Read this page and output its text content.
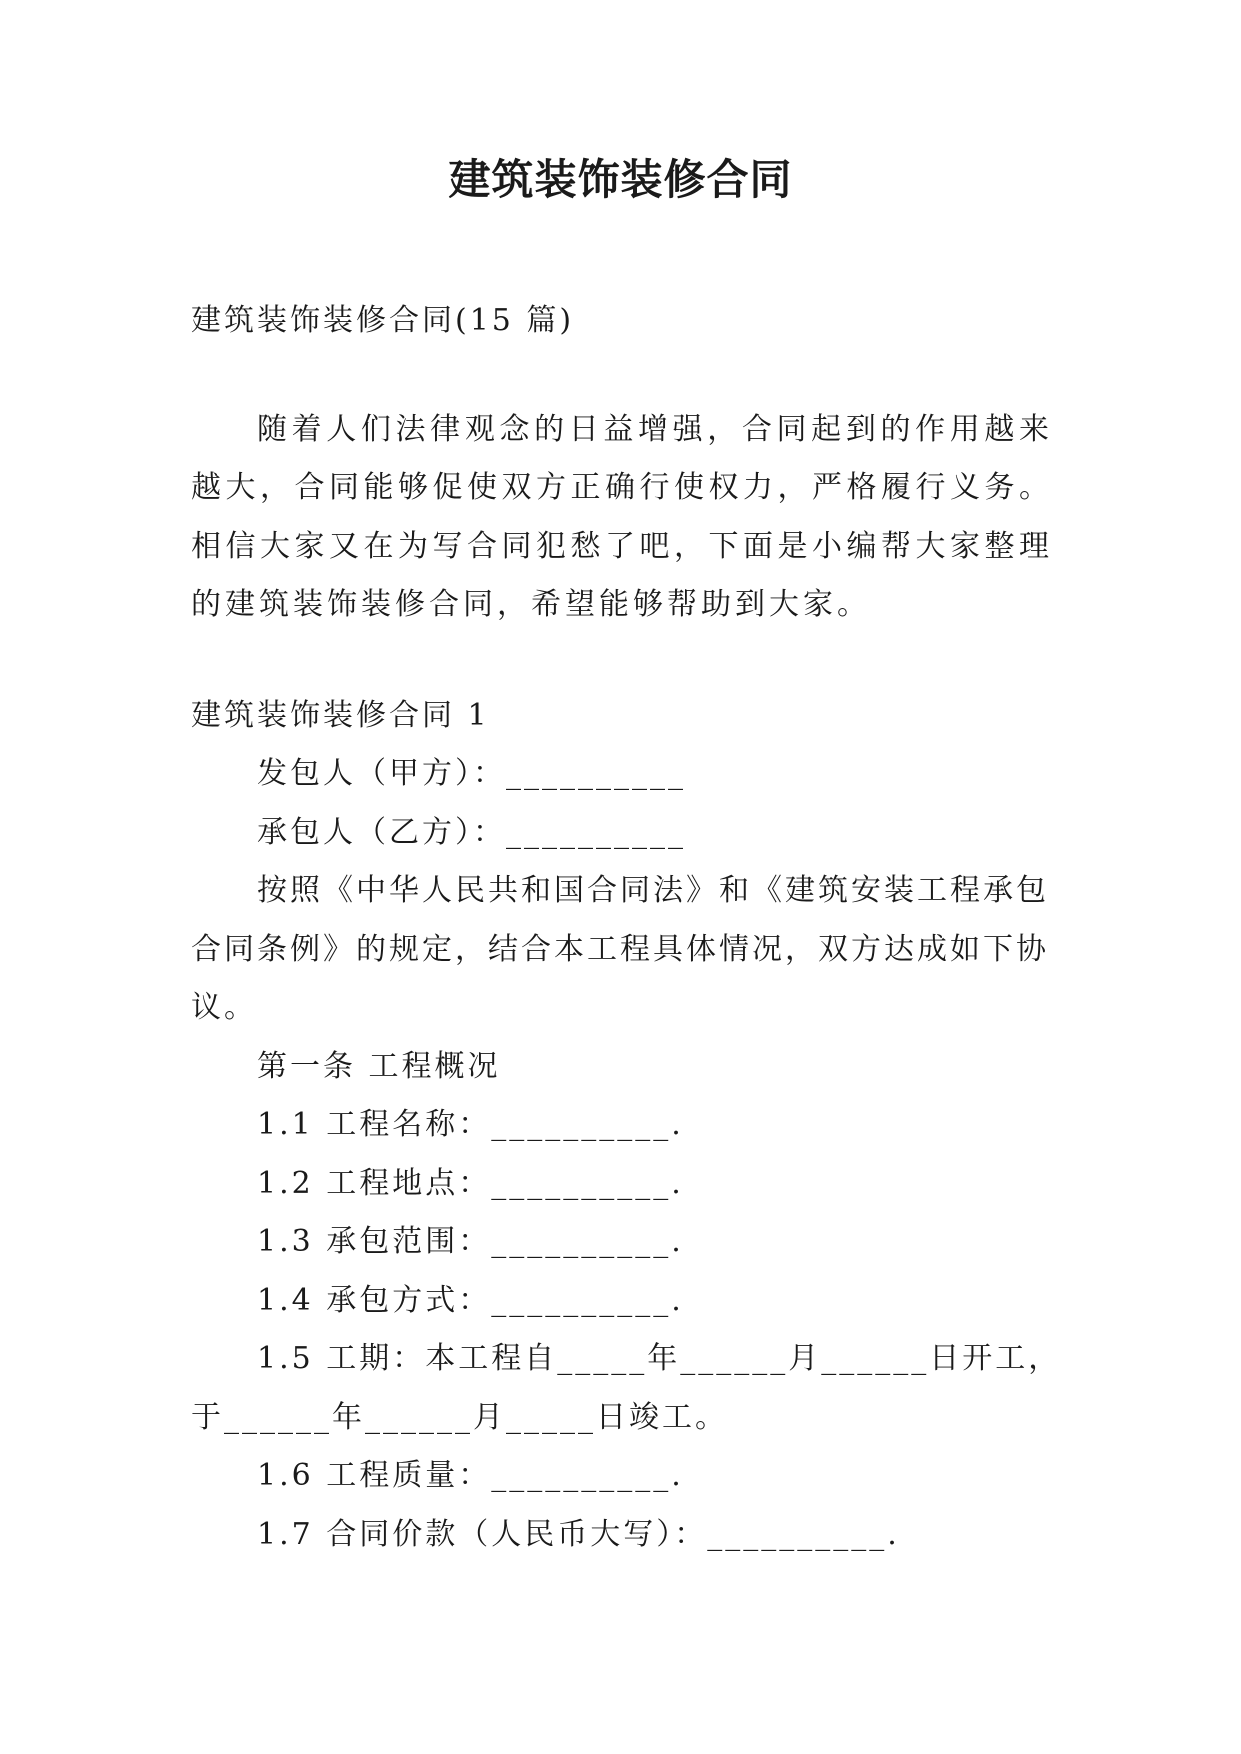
建筑装饰装修合同
建筑装饰装修合同(15 篇)
随着人们法律观念的日益增强，合同起到的作用越来越大，合同能够促使双方正确行使权力，严格履行义务。相信大家又在为写合同犯愁了吧，下面是小编帮大家整理的建筑装饰装修合同，希望能够帮助到大家。
建筑装饰装修合同 1
发包人（甲方）：__________
承包人（乙方）：__________
按照《中华人民共和国合同法》和《建筑安装工程承包
合同条例》的规定，结合本工程具体情况，双方达成如下协
议。
第一条 工程概况
1.1 工程名称：__________.
1.2 工程地点：__________.
1.3 承包范围：__________.
1.4 承包方式：__________.
1.5 工期：本工程自_____年______月______日开工，
于______年______月_____日竣工。
1.6 工程质量：__________.
1.7 合同价款（人民币大写）：__________.
